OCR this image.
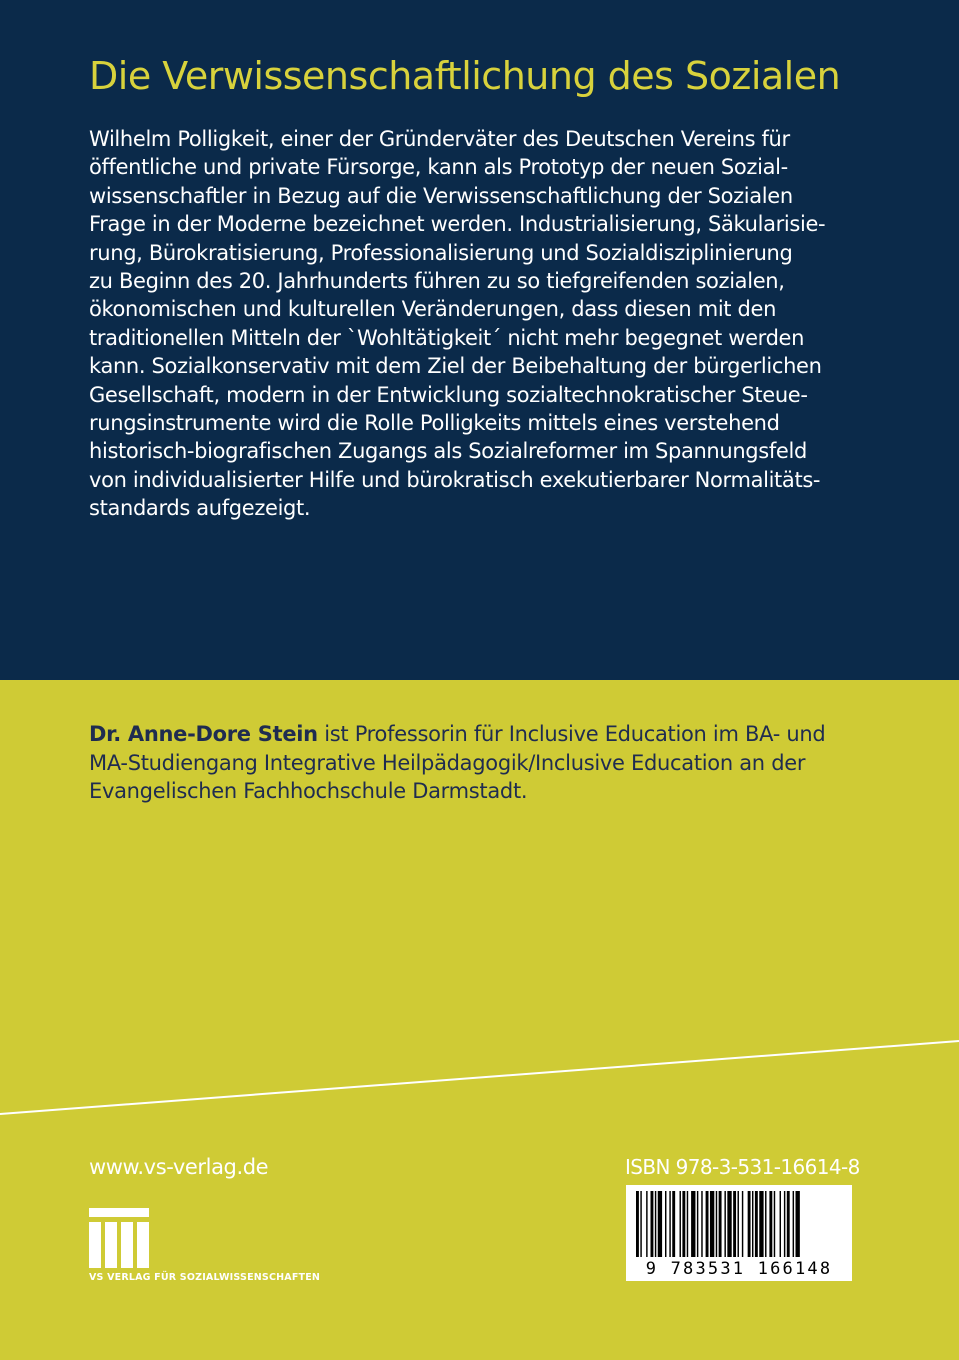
Die Verwissenschaftlichung des Sozialen
Wilhelm Polligkeit, einer der Gründerväter des Deutschen Vereins für
öffentliche und private Fürsorge, kann als Prototyp der neuen Sozial-
wissenschaftler in Bezug auf die Verwissenschaftlichung der Sozialen
Frage in der Moderne bezeichnet werden. Industrialisierung, Säkularisie-
rung, Bürokratisierung, Professionalisierung und Sozialdisziplinierung
zu Beginn des 20. Jahrhunderts führen zu so tiefgreifenden sozialen,
ökonomischen und kulturellen Veränderungen, dass diesen mit den
traditionellen Mitteln der `Wohltätigkeit´ nicht mehr begegnet werden
kann. Sozialkonservativ mit dem Ziel der Beibehaltung der bürgerlichen
Gesellschaft, modern in der Entwicklung sozialtechnokratischer Steue-
rungsinstrumente wird die Rolle Polligkeits mittels eines verstehend
historisch-biografischen Zugangs als Sozialreformer im Spannungsfeld
von individualisierter Hilfe und bürokratisch exekutierbarer Normalitäts-
standards aufgezeigt.
Dr. Anne-Dore Stein ist Professorin für Inclusive Education im BA- und
MA-Studiengang Integrative Heilpädagogik/Inclusive Education an der
Evangelischen Fachhochschule Darmstadt.
www.vs-verlag.de
VS VERLAG FÜR SOZIALWISSENSCHAFTEN
ISBN 978-3-531-16614-8
9 783531 166148
